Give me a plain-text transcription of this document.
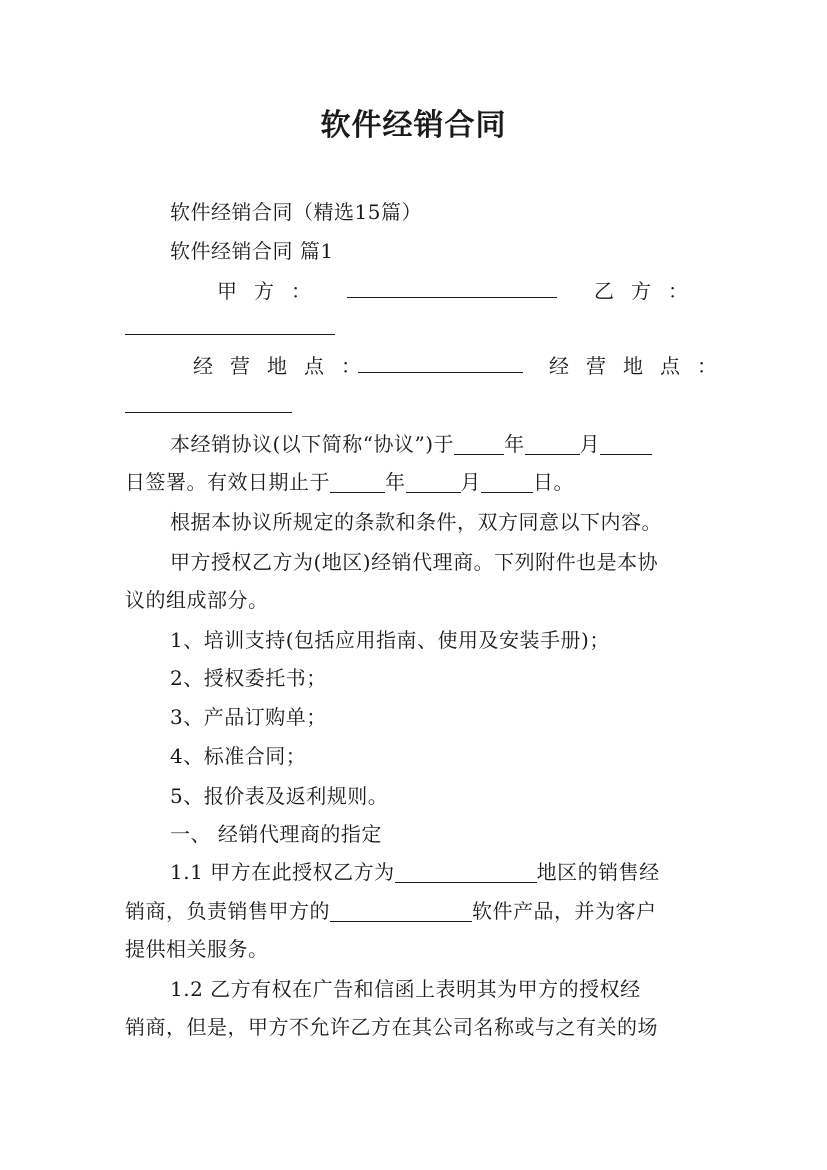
软件经销合同
软件经销合同（精选15篇）
软件经销合同 篇1
甲方：	乙方：
经营地点：	经营地点：
本经销协议(以下简称“协议”)于	年	月
日签署。有效日期止于	年	月	日。
根据本协议所规定的条款和条件，双方同意以下内容。
甲方授权乙方为(地区)经销代理商。下列附件也是本协
议的组成部分。
1、培训支持(包括应用指南、使用及安装手册)；
2、授权委托书；
3、产品订购单；
4、标准合同；
5、报价表及返利规则。
一、 经销代理商的指定
1.1 甲方在此授权乙方为	地区的销售经
销商，负责销售甲方的	软件产品，并为客户
提供相关服务。
1.2 乙方有权在广告和信函上表明其为甲方的授权经
销商，但是，甲方不允许乙方在其公司名称或与之有关的场
